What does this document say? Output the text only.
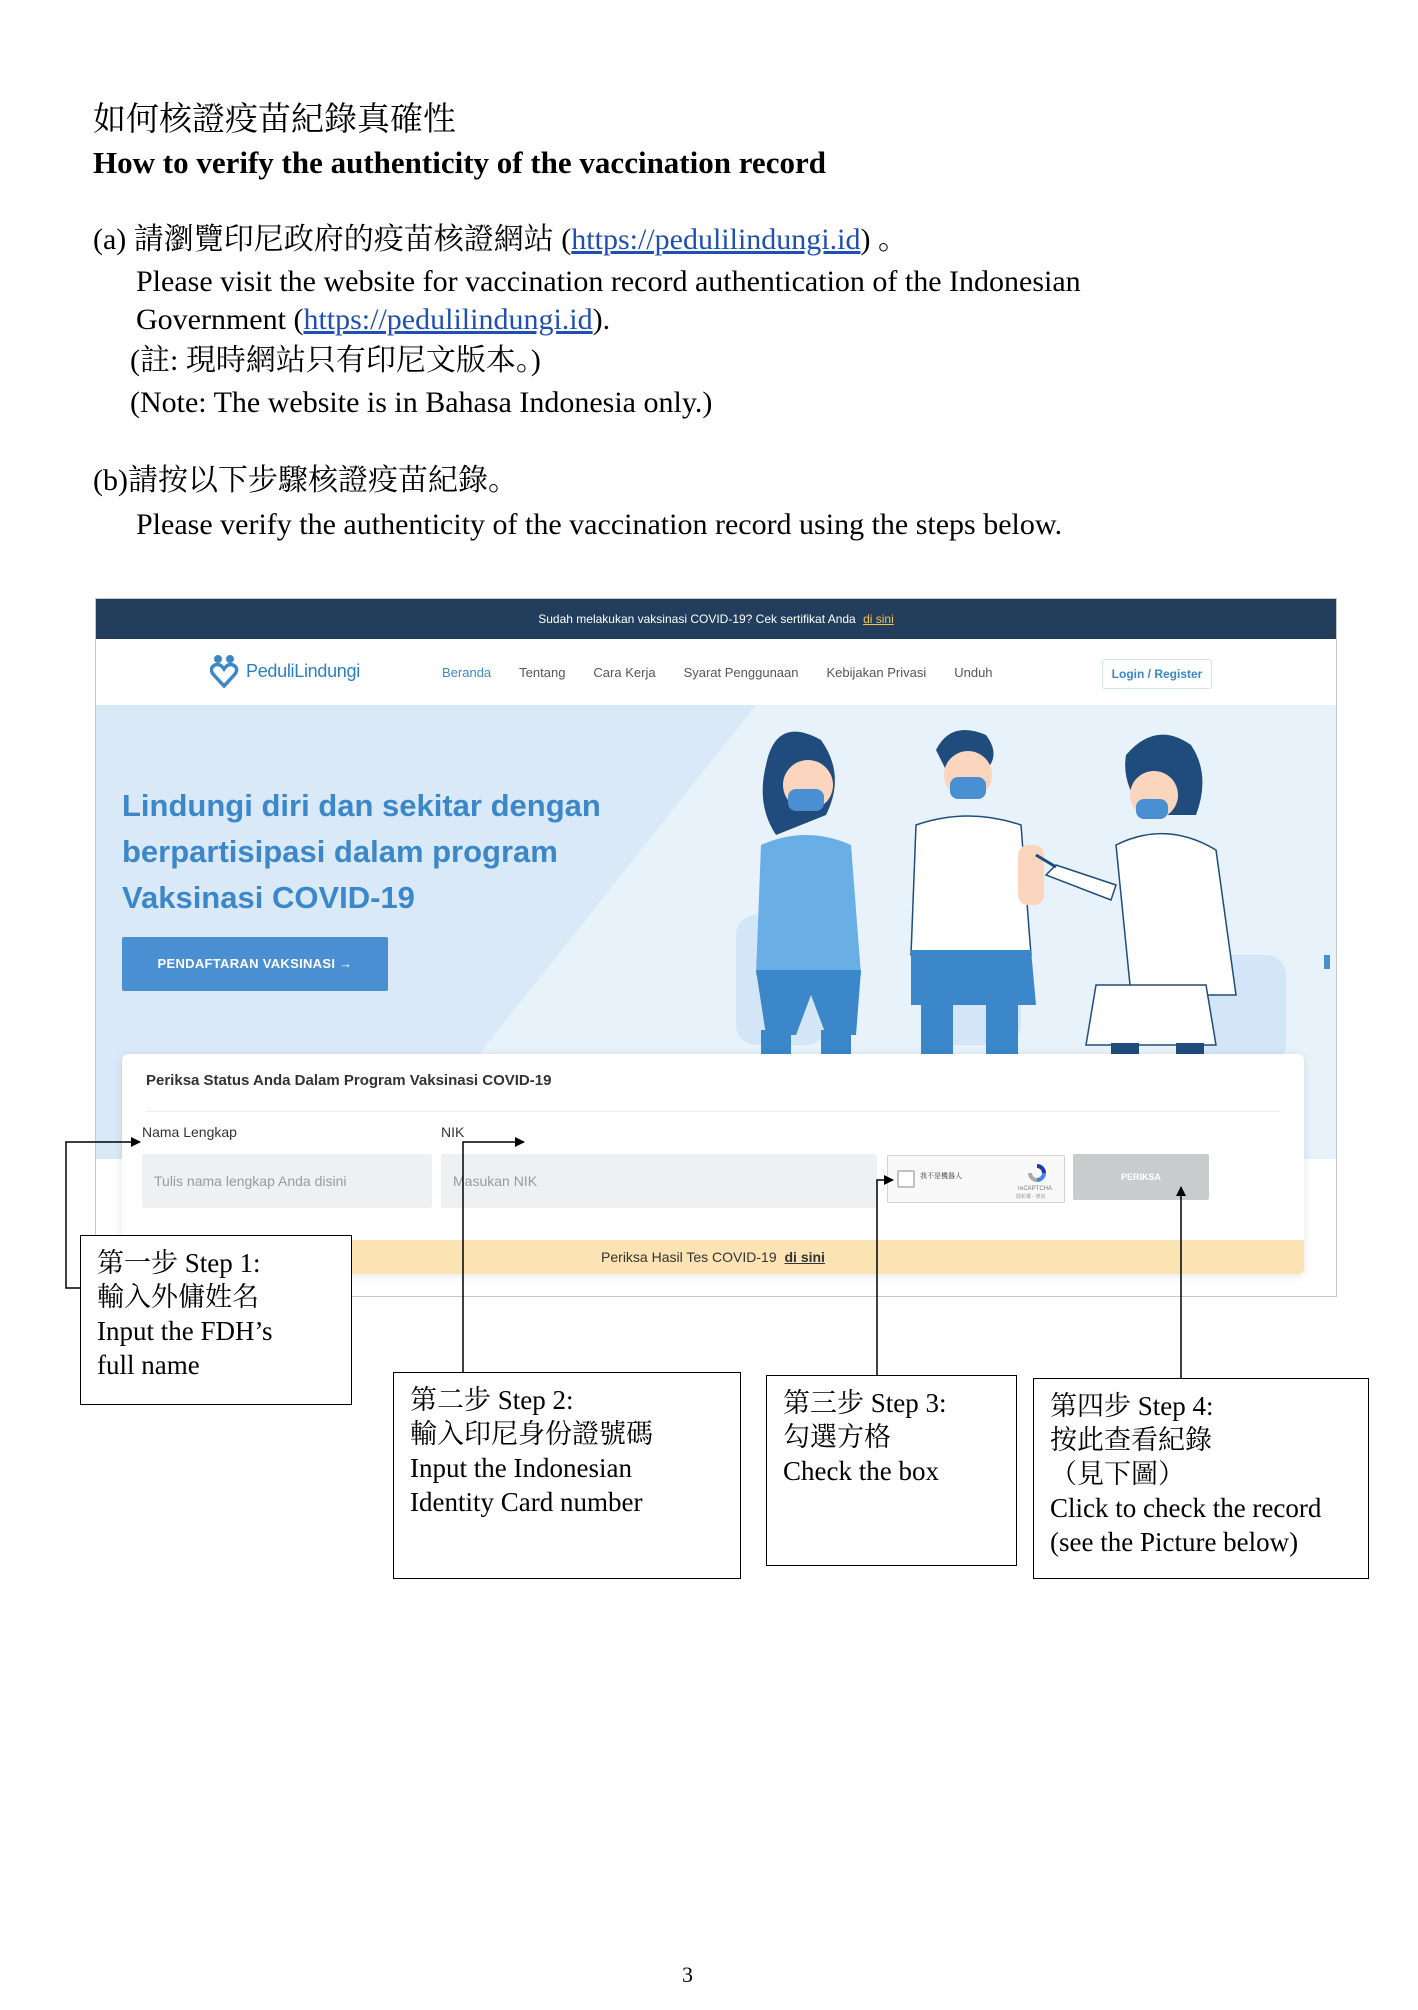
如何核證疫苗紀錄真確性
How to verify the authenticity of the vaccination record
(a) 請瀏覽印尼政府的疫苗核證網站 (https://pedulilindungi.id) 。
Please visit the website for vaccination record authentication of the Indonesian
Government (https://pedulilindungi.id).
(註: 現時網站只有印尼文版本。)
(Note: The website is in Bahasa Indonesia only.)
(b)請按以下步驟核證疫苗紀錄。
Please verify the authenticity of the vaccination record using the steps below.
Sudah melakukan vaksinasi COVID-19? Cek sertifikat Anda di sini
PeduliLindungi	Beranda Tentang Cara Kerja Syarat Penggunaan Kebijakan Privasi Unduh	Login / Register
Lindungi diri dan sekitar dengan berpartisipasi dalam program Vaksinasi COVID-19
PENDAFTARAN VAKSINASI →
Periksa Status Anda Dalam Program Vaksinasi COVID-19
Nama Lengkap
Tulis nama lengkap Anda disini	NIK
Masukan NIK
我不是機器人
reCAPTCHA
隱私權 - 條款
PERIKSA
Periksa Hasil Tes COVID-19 di sini
第一步 Step 1:
輸入外傭姓名
Input the FDH’s
full name
第二步 Step 2:
輸入印尼身份證號碼
Input the Indonesian
Identity Card number
第三步 Step 3:
勾選方格
Check the box
第四步 Step 4:
按此查看紀錄
（見下圖）
Click to check the record
(see the Picture below)
3
